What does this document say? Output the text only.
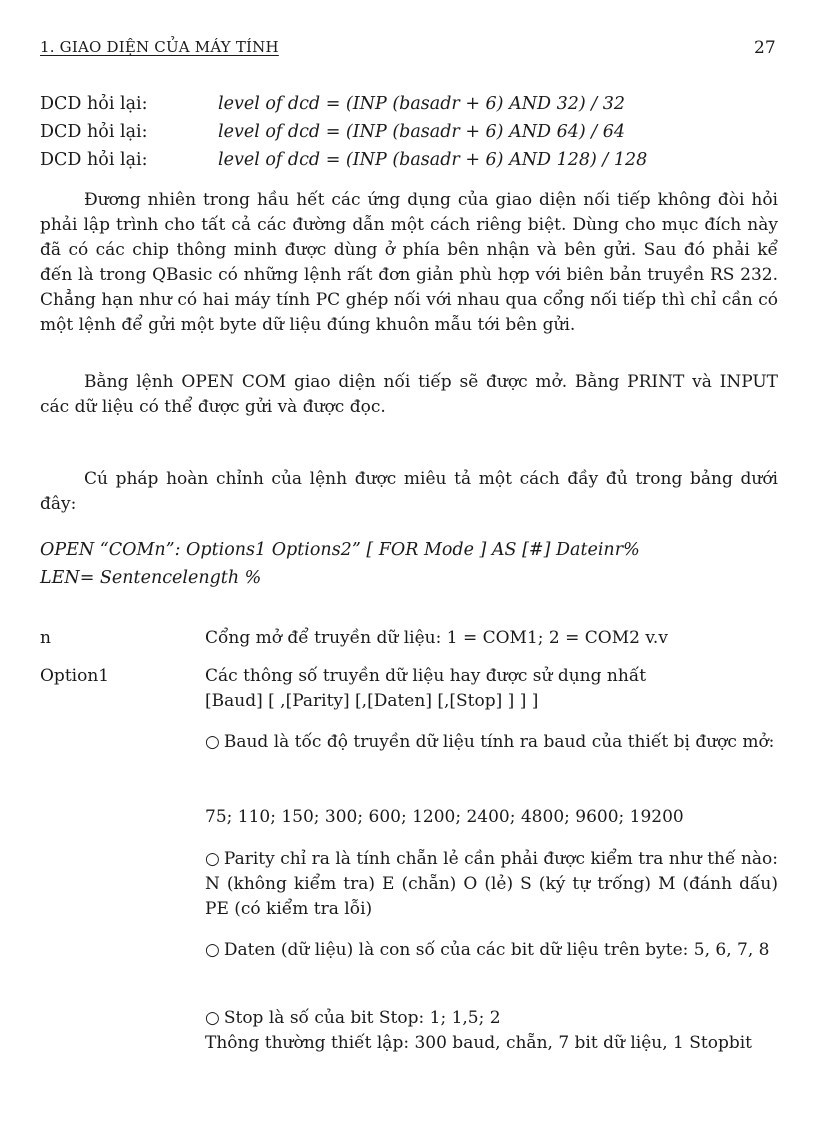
1. GIAO DIỆN CỦA MÁY TÍNH	27
DCD hỏi lại:	level of dcd = (INP (basadr + 6) AND 32) / 32
DCD hỏi lại:	level of dcd = (INP (basadr + 6) AND 64) / 64
DCD hỏi lại:	level of dcd = (INP (basadr + 6) AND 128) / 128

Đương nhiên trong hầu hết các ứng dụng của giao diện nối tiếp không đòi hỏi phải lập trình cho tất cả các đường dẫn một cách riêng biệt. Dùng cho mục đích này đã có các chip thông minh được dùng ở phía bên nhận và bên gửi. Sau đó phải kể đến là trong QBasic có những lệnh rất đơn giản phù hợp với biên bản truyền RS 232. Chẳng hạn như có hai máy tính PC ghép nối với nhau qua cổng nối tiếp thì chỉ cần có một lệnh để gửi một byte dữ liệu đúng khuôn mẫu tới bên gửi.

Bằng lệnh OPEN COM giao diện nối tiếp sẽ được mở. Bằng PRINT và INPUT các dữ liệu có thể được gửi và được đọc.

Cú pháp hoàn chỉnh của lệnh được miêu tả một cách đầy đủ trong bảng dưới đây:

OPEN “COMn”: Options1 Options2” [ FOR Mode ] AS [#] Dateinr%

LEN= Sentencelength %

n	Cổng mở để truyền dữ liệu: 1 = COM1; 2 = COM2 v.v

Option1	Các thông số truyền dữ liệu hay được sử dụng nhất

[Baud] [ ,[Parity] [,[Daten] [,[Stop] ] ] ]

○ Baud là tốc độ truyền dữ liệu tính ra baud của thiết bị được mở:

75; 110; 150; 300; 600; 1200; 2400; 4800; 9600; 19200

○ Parity chỉ ra là tính chẵn lẻ cần phải được kiểm tra như thế nào: N (không kiểm tra) E (chẵn) O (lẻ) S (ký tự trống) M (đánh dấu) PE (có kiểm tra lỗi)

○ Daten (dữ liệu) là con số của các bit dữ liệu trên byte: 5, 6, 7, 8

○ Stop là số của bit Stop: 1; 1,5; 2

Thông thường thiết lập: 300 baud, chẵn, 7 bit dữ liệu, 1 Stopbit
